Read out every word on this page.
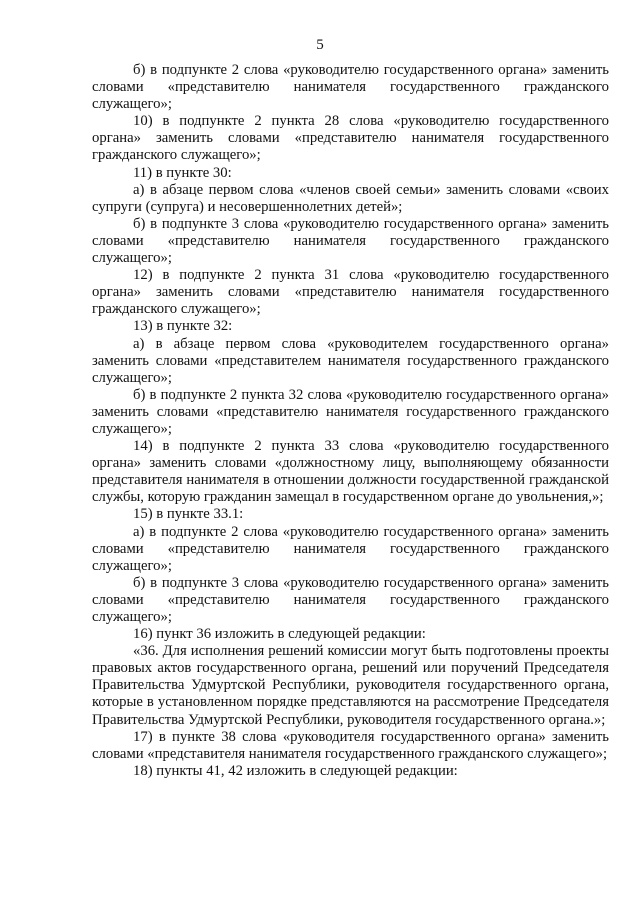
5

б) в подпункте 2 слова «руководителю государственного органа» заменить словами «представителю нанимателя государственного гражданского служащего»;

10) в подпункте 2 пункта 28 слова «руководителю государственного органа» заменить словами «представителю нанимателя государственного гражданского служащего»;

11) в пункте 30:

а) в абзаце первом слова «членов своей семьи» заменить словами «своих супруги (супруга) и несовершеннолетних детей»;

б) в подпункте 3 слова «руководителю государственного органа» заменить словами «представителю нанимателя государственного гражданского служащего»;

12) в подпункте 2 пункта 31 слова «руководителю государственного органа» заменить словами «представителю нанимателя государственного гражданского служащего»;

13) в пункте 32:

а) в абзаце первом слова «руководителем государственного органа» заменить словами «представителем нанимателя государственного гражданского служащего»;

б) в подпункте 2 пункта 32 слова «руководителю государственного органа» заменить словами «представителю нанимателя государственного гражданского служащего»;

14) в подпункте 2 пункта 33 слова «руководителю государственного органа» заменить словами «должностному лицу, выполняющему обязанности представителя нанимателя в отношении должности государственной гражданской службы, которую гражданин замещал в государственном органе до увольнения,»;

15) в пункте 33.1:

а) в подпункте 2 слова «руководителю государственного органа» заменить словами «представителю нанимателя государственного гражданского служащего»;

б) в подпункте 3 слова «руководителю государственного органа» заменить словами «представителю нанимателя государственного гражданского служащего»;

16) пункт 36 изложить в следующей редакции:

«36. Для исполнения решений комиссии могут быть подготовлены проекты правовых актов государственного органа, решений или поручений Председателя Правительства Удмуртской Республики, руководителя государственного органа, которые в установленном порядке представляются на рассмотрение Председателя Правительства Удмуртской Республики, руководителя государственного органа.»;

17) в пункте 38 слова «руководителя государственного органа» заменить словами «представителя нанимателя государственного гражданского служащего»;

18) пункты 41, 42 изложить в следующей редакции:
